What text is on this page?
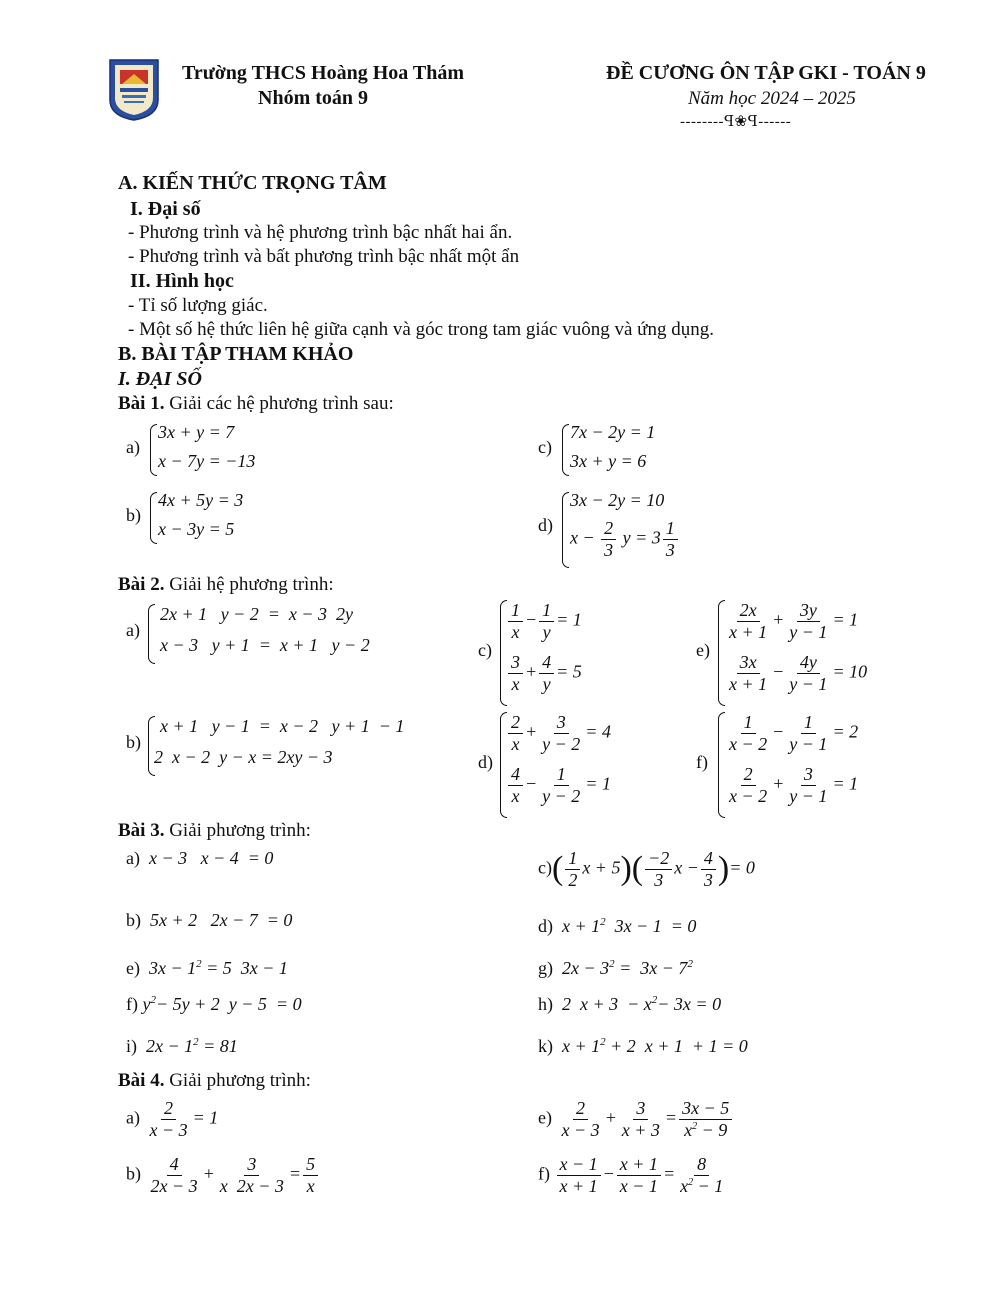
Trường THCS Hoàng Hoa Thám
Nhóm toán 9
ĐỀ CƯƠNG ÔN TẬP GKI - TOÁN 9
Năm học 2024 – 2025
--------ꟼ❀ꟼ------
A. KIẾN THỨC TRỌNG TÂM
I. Đại số
- Phương trình và hệ phương trình bậc nhất hai ẩn.
- Phương trình và bất phương trình bậc nhất một ẩn
II. Hình học
- Tỉ số lượng giác.
- Một số hệ thức liên hệ giữa cạnh và góc trong tam giác vuông và ứng dụng.
B. BÀI TẬP THAM KHẢO
I. ĐẠI SỐ
Bài 1. Giải các hệ phương trình sau:
a)
3x + y = 7
x − 7y = −13
b)
4x + 5y = 3
x − 3y = 5
c)
7x − 2y = 1
3x + y = 6
d)
3x − 2y = 10
$x - \frac{2}{3}$ $y = 3 \frac{1}{3}$
Bài 2. Giải hệ phương trình:
a)
2x + 1   y − 2  =  x − 3  2y
x − 3   y + 1  =  x + 1   y − 2
b)
x + 1   y − 1  =  x − 2   y + 1  − 1
2  x − 2  y − x = 2xy − 3
c)
$\frac{1}{x} - \frac{1}{y} = 1$
$\frac{3}{x} + \frac{4}{y} = 5$
d)
$\frac{2}{x} + \frac{3}{y - 2} = 4$
$\frac{4}{x} - \frac{1}{y - 2} = 1$
e)
$\frac{2x}{x + 1} + \frac{3y}{y - 1} = 1$
$\frac{3x}{x + 1} - \frac{4y}{y - 1} = 10$
f)
$\frac{1}{x - 2} - \frac{1}{y - 1} = 2$
$\frac{2}{x - 2} + \frac{3}{y - 1} = 1$
Bài 3. Giải phương trình:
a) x − 3   x − 4  = 0	$c)( \frac{1}{2}$ $x + 5)( \frac{-2}{3}$ $x - \frac{4}{3}$ )= 0
b) 5x + 2   2x − 7  = 0	d) $x + 1^2$ 3x − 1  = 0
e) $3x - 1^2 = 5$  3x − 1	g) $2x - 3^2 = 3x - 7^2$
f) $y^2- 5y + 2$  y − 5  = 0	h) 2  $x + 3 - x^2- 3x = 0$
i) $2x - 1^2 = 81$	k) $x + 1^2 + 2$  x + 1  + 1 = 0
Bài 4. Giải phương trình:
$a) \frac{2}{x - 3} = 1$	$e) \frac{2}{x - 3} + \frac{3}{x + 3} = \frac{3x - 5}{x^2 - 9}$
$b) \frac{4}{2x - 3} + \frac{3}{x 2x - 3} = \frac{5}{x}$	$f) \frac{x - 1}{x + 1} - \frac{x + 1}{x - 1} = \frac{8}{x^2 - 1}$
